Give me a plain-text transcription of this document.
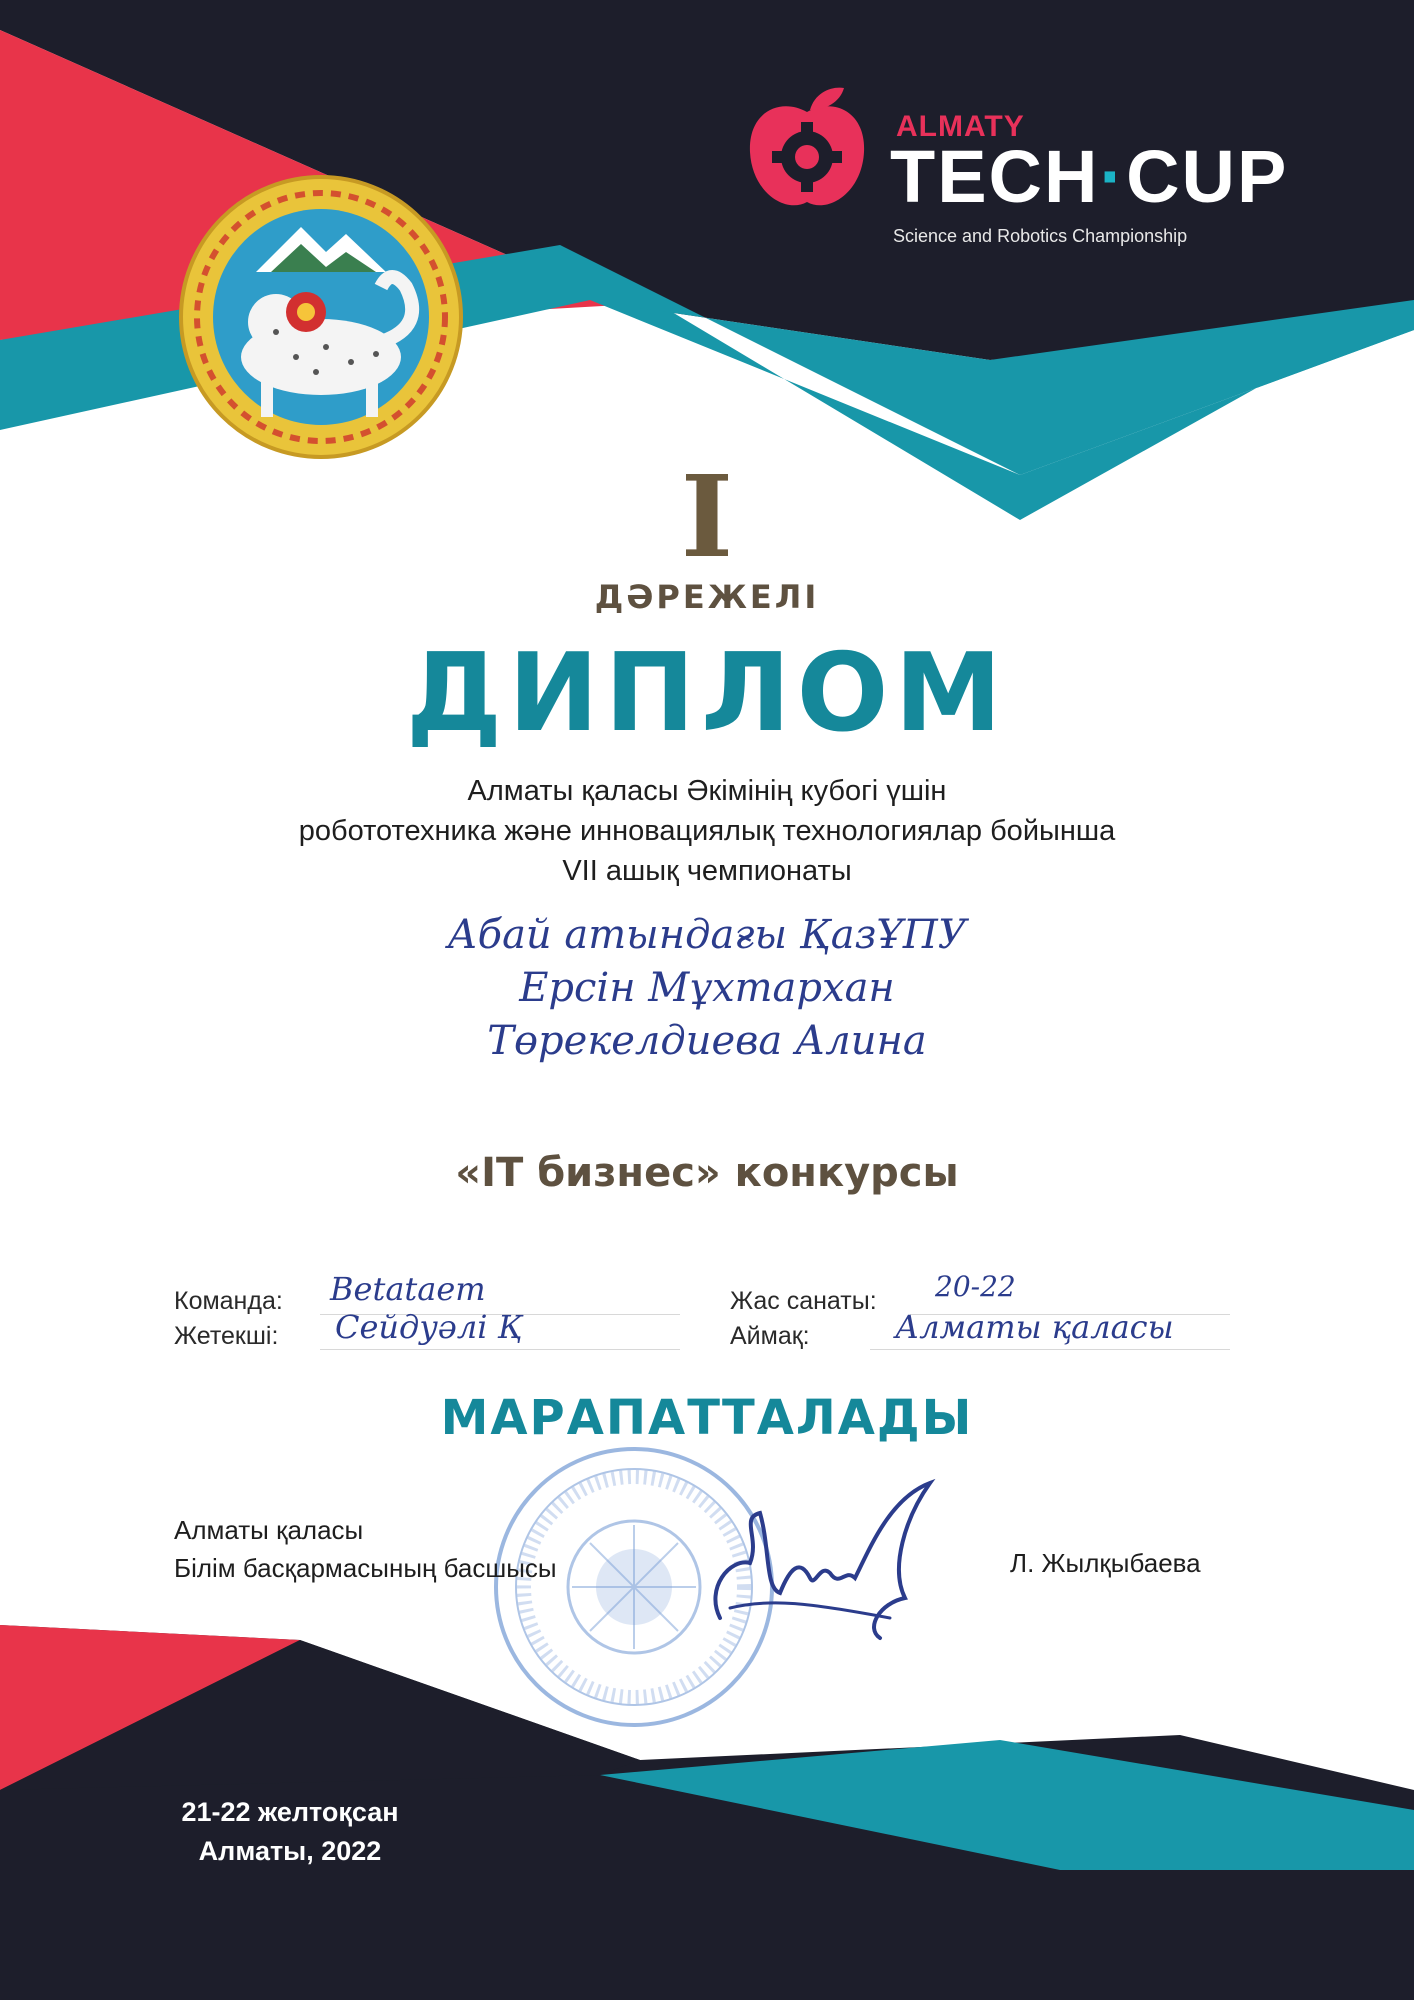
ALMATY
TECH·CUP
Science and Robotics Championship
I
ДӘРЕЖЕЛІ
ДИПЛОМ
Алматы қаласы Әкімінің кубогі үшін
робототехника және инновациялық технологиялар бойынша
VII ашық чемпионаты
Абай атындағы ҚазҰПУ
Ерсін Мұхтархан
Төрекелдиева Алина
«IT бизнес» конкурсы
Команда: Betataem
Жетекші: Сейдуәлі Қ
Жас санаты: 20-22
Аймақ:	Алматы қаласы
МАРАПАТТАЛАДЫ
Алматы қаласы
Білім басқармасының басшысы	Л. Жылқыбаева
21-22 желтоқсан
Алматы, 2022
